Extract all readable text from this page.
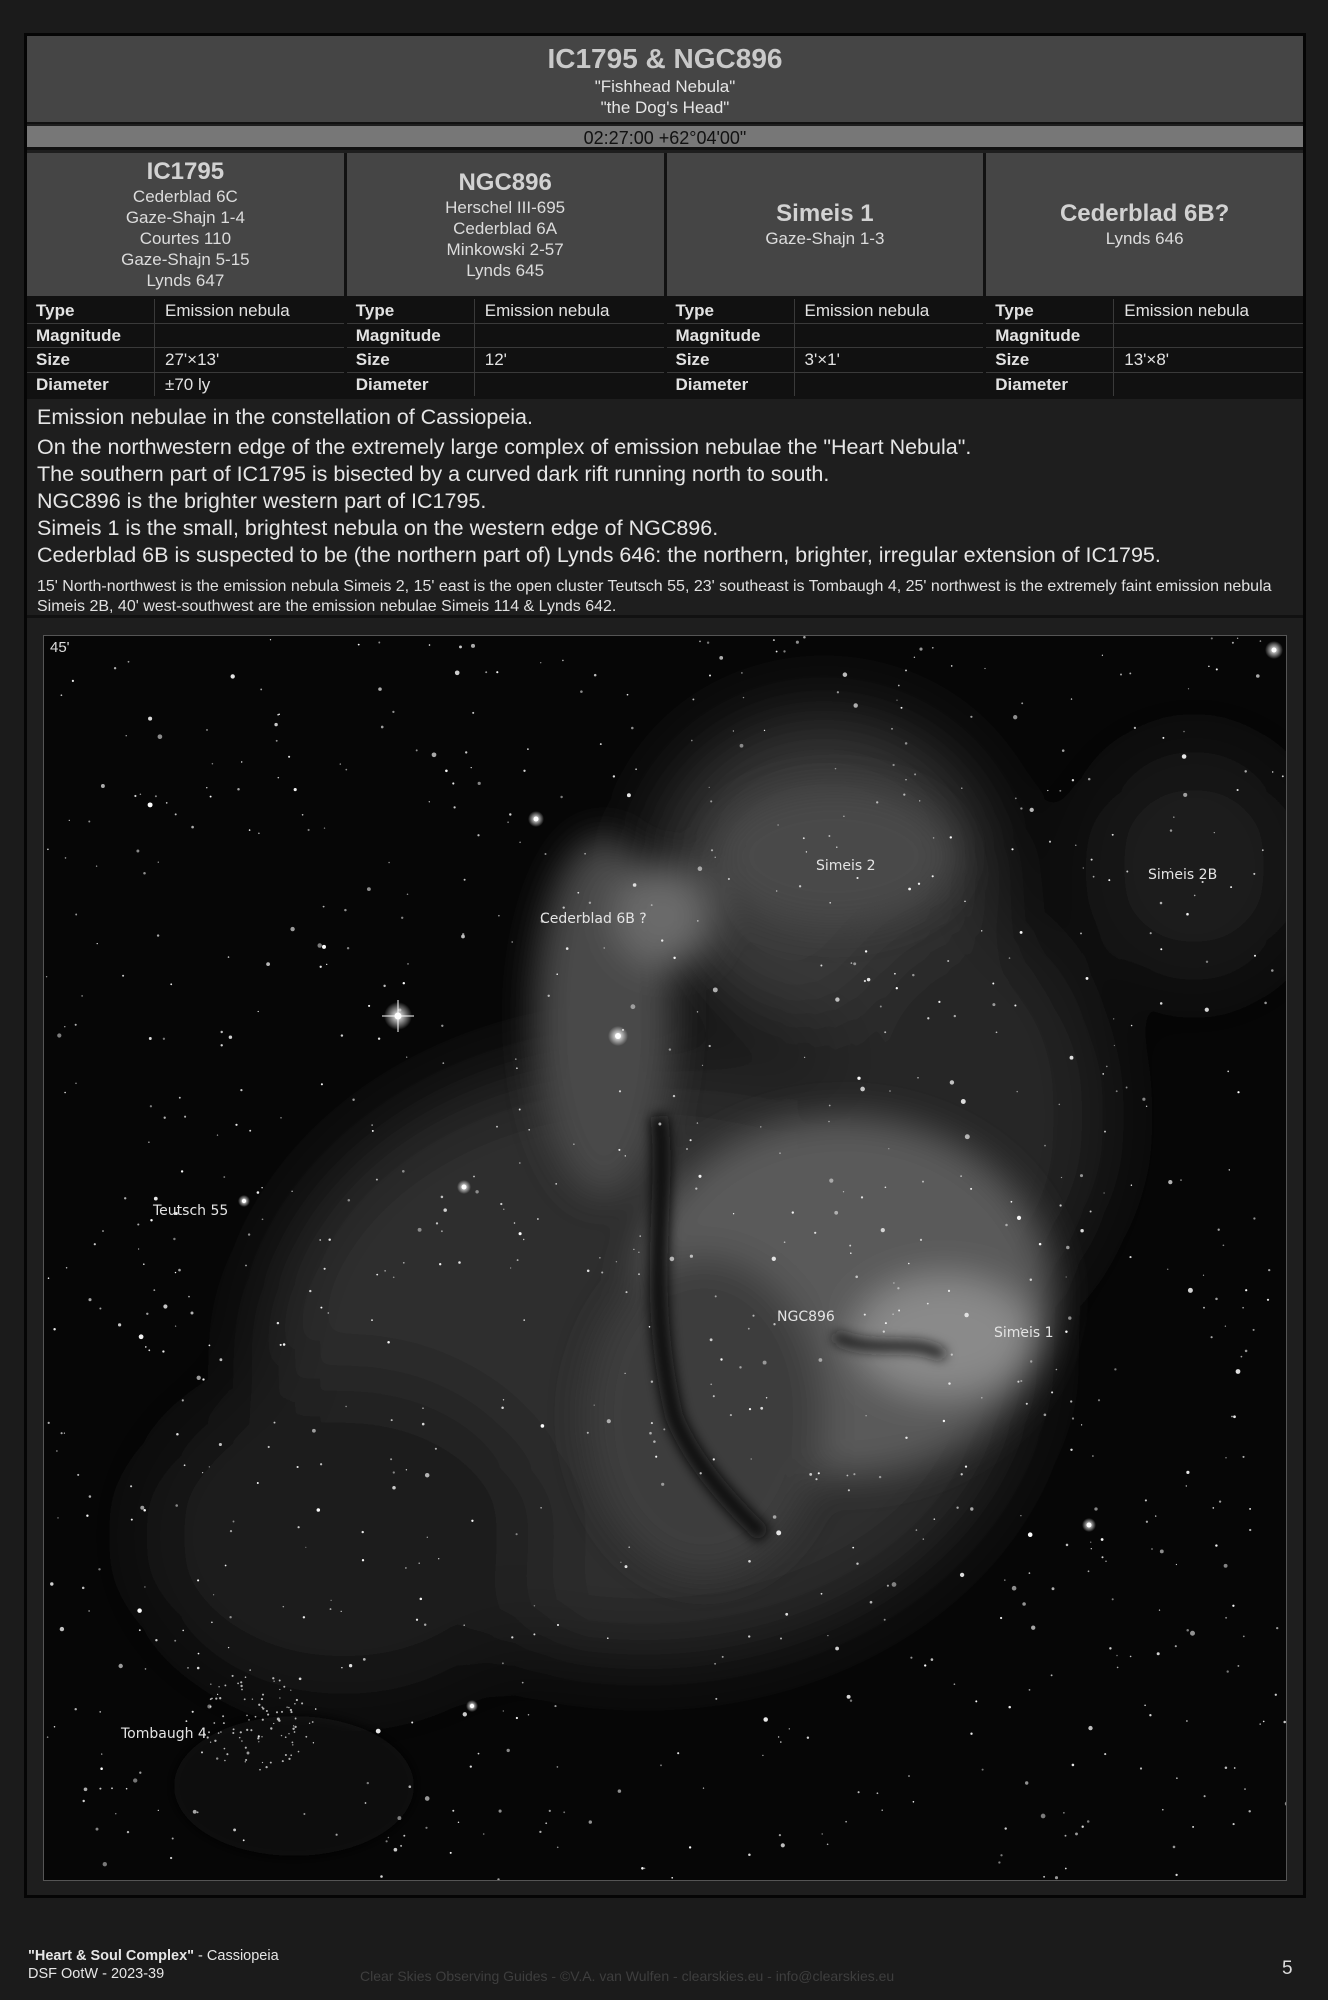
IC1795 & NGC896
"Fishhead Nebula"
"the Dog's Head"
02:27:00 +62°04'00"
IC1795
Cederblad 6C
Gaze-Shajn 1-4
Courtes 110
Gaze-Shajn 5-15
Lynds 647
NGC896
Herschel III-695
Cederblad 6A
Minkowski 2-57
Lynds 645
Simeis 1
Gaze-Shajn 1-3
Cederblad 6B?
Lynds 646
Type	Emission nebula
Magnitude
Size	27'×13'
Diameter	±70 ly
Type	Emission nebula
Magnitude
Size	12'
Diameter
Type	Emission nebula
Magnitude
Size	3'×1'
Diameter
Type	Emission nebula
Magnitude
Size	13'×8'
Diameter
Emission nebulae in the constellation of Cassiopeia.
On the northwestern edge of the extremely large complex of emission nebulae the "Heart Nebula".
The southern part of IC1795 is bisected by a curved dark rift running north to south.
NGC896 is the brighter western part of IC1795.
Simeis 1 is the small, brightest nebula on the western edge of NGC896.
Cederblad 6B is suspected to be (the northern part of) Lynds 646: the northern, brighter, irregular extension of IC1795.
15' North-northwest is the emission nebula Simeis 2, 15' east is the open cluster Teutsch 55, 23' southeast is Tombaugh 4, 25' northwest is the extremely faint emission nebula Simeis 2B, 40' west-southwest are the emission nebulae Simeis 114 & Lynds 642.
45'
Simeis 2
Simeis 2B
Cederblad 6B ?
Teutsch 55
NGC896
Simeis 1
Tombaugh 4
"Heart & Soul Complex" - Cassiopeia
DSF OotW - 2023-39	Clear Skies Observing Guides - ©V.A. van Wulfen - clearskies.eu - info@clearskies.eu	5
